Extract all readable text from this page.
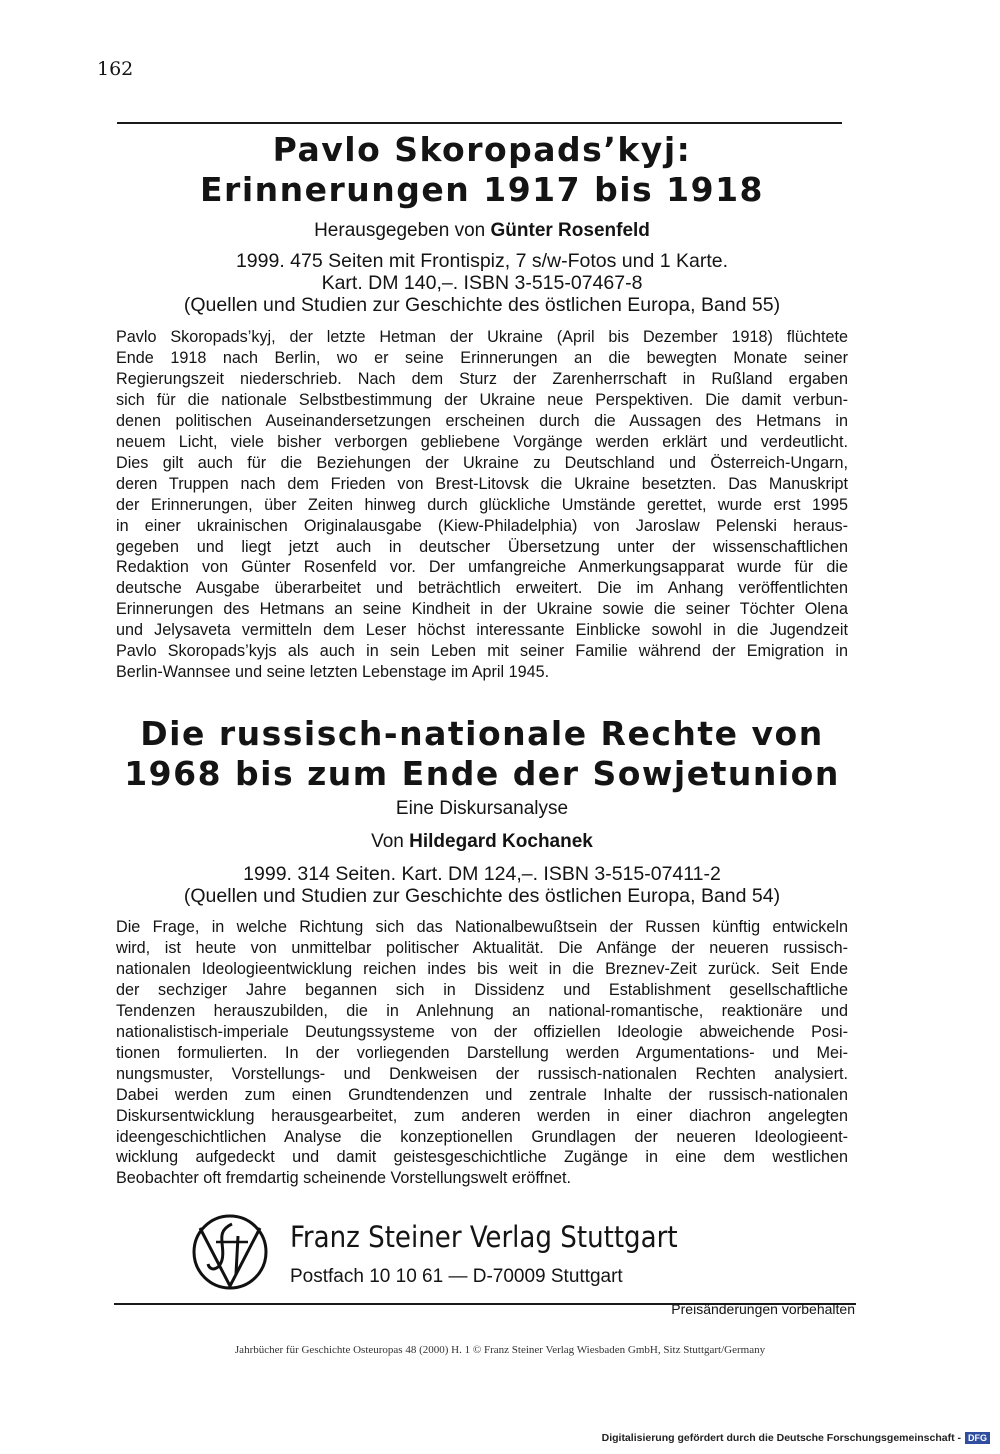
162
Pavlo Skoropads’kyj:
Erinnerungen 1917 bis 1918

Herausgegeben von Günter Rosenfeld

1999. 475 Seiten mit Frontispiz, 7 s/w-Fotos und 1 Karte.

Kart. DM 140,–. ISBN 3-515-07467-8

(Quellen und Studien zur Geschichte des östlichen Europa, Band 55)

Pavlo Skoropads’kyj, der letzte Hetman der Ukraine (April bis Dezember 1918) flüchtete
Ende 1918 nach Berlin, wo er seine Erinnerungen an die bewegten Monate seiner
Regierungszeit niederschrieb. Nach dem Sturz der Zarenherrschaft in Rußland ergaben
sich für die nationale Selbstbestimmung der Ukraine neue Perspektiven. Die damit verbun-
denen politischen Auseinandersetzungen erscheinen durch die Aussagen des Hetmans in
neuem Licht, viele bisher verborgen gebliebene Vorgänge werden erklärt und verdeutlicht.
Dies gilt auch für die Beziehungen der Ukraine zu Deutschland und Österreich-Ungarn,
deren Truppen nach dem Frieden von Brest-Litovsk die Ukraine besetzten. Das Manuskript
der Erinnerungen, über Zeiten hinweg durch glückliche Umstände gerettet, wurde erst 1995
in einer ukrainischen Originalausgabe (Kiew-Philadelphia) von Jaroslaw Pelenski heraus-
gegeben und liegt jetzt auch in deutscher Übersetzung unter der wissenschaftlichen
Redaktion von Günter Rosenfeld vor. Der umfangreiche Anmerkungsapparat wurde für die
deutsche Ausgabe überarbeitet und beträchtlich erweitert. Die im Anhang veröffentlichten
Erinnerungen des Hetmans an seine Kindheit in der Ukraine sowie die seiner Töchter Olena
und Jelysaveta vermitteln dem Leser höchst interessante Einblicke sowohl in die Jugendzeit
Pavlo Skoropads’kyjs als auch in sein Leben mit seiner Familie während der Emigration in
Berlin-Wannsee und seine letzten Lebenstage im April 1945.
Die russisch-nationale Rechte von
1968 bis zum Ende der Sowjetunion

Eine Diskursanalyse

Von Hildegard Kochanek

1999. 314 Seiten. Kart. DM 124,–. ISBN 3-515-07411-2

(Quellen und Studien zur Geschichte des östlichen Europa, Band 54)

Die Frage, in welche Richtung sich das Nationalbewußtsein der Russen künftig entwickeln
wird, ist heute von unmittelbar politischer Aktualität. Die Anfänge der neueren russisch-
nationalen Ideologieentwicklung reichen indes bis weit in die Breznev-Zeit zurück. Seit Ende
der sechziger Jahre begannen sich in Dissidenz und Establishment gesellschaftliche
Tendenzen herauszubilden, die in Anlehnung an national-romantische, reaktionäre und
nationalistisch-imperiale Deutungssysteme von der offiziellen Ideologie abweichende Posi-
tionen formulierten. In der vorliegenden Darstellung werden Argumentations- und Mei-
nungsmuster, Vorstellungs- und Denkweisen der russisch-nationalen Rechten analysiert.
Dabei werden zum einen Grundtendenzen und zentrale Inhalte der russisch-nationalen
Diskursentwicklung herausgearbeitet, zum anderen werden in einer diachron angelegten
ideengeschichtlichen Analyse die konzeptionellen Grundlagen der neueren Ideologieent-
wicklung aufgedeckt und damit geistesgeschichtliche Zugänge in eine dem westlichen
Beobachter oft fremdartig scheinende Vorstellungswelt eröffnet.
Franz Steiner Verlag Stuttgart
Postfach 10 10 61 — D-70009 Stuttgart
Preisänderungen vorbehalten
Jahrbücher für Geschichte Osteuropas 48 (2000) H. 1 © Franz Steiner Verlag Wiesbaden GmbH, Sitz Stuttgart/Germany
Digitalisierung gefördert durch die Deutsche Forschungsgemeinschaft - DFG
